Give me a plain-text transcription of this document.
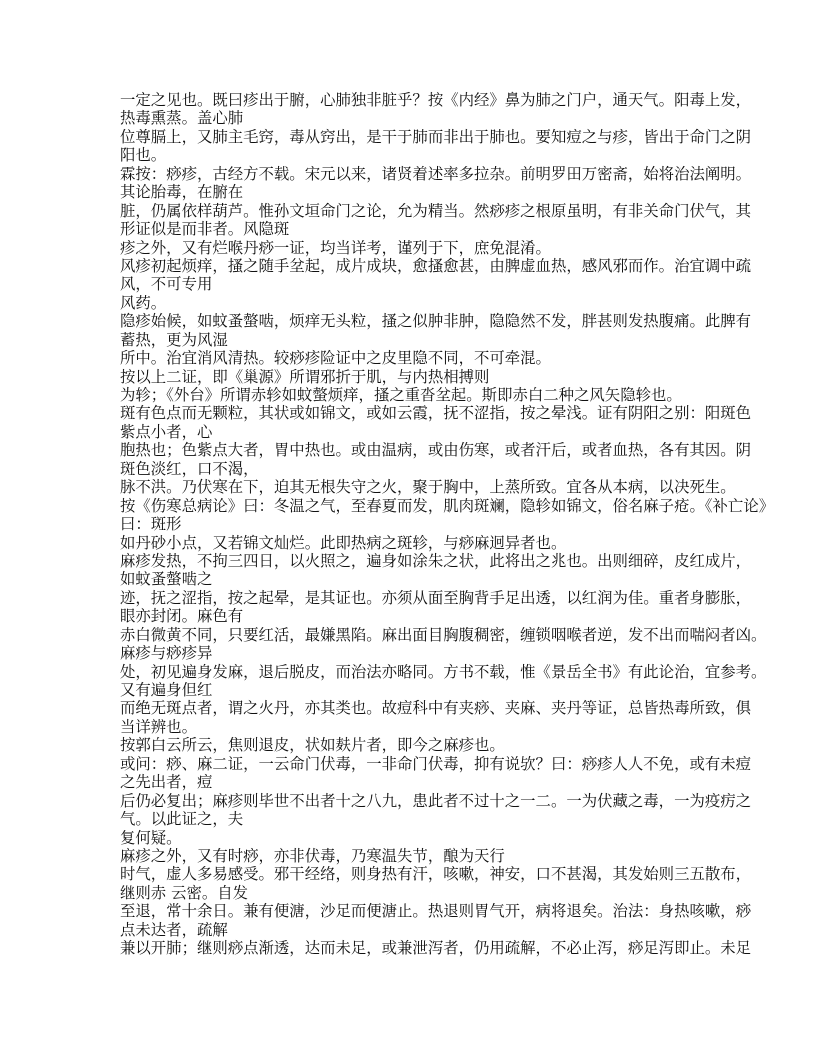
一定之见也。既曰疹出于腑，心肺独非脏乎？按《内经》鼻为肺之门户，通天气。阳毒上发，
热毒熏蒸。盖心肺
位尊膈上，又肺主毛窍，毒从窍出，是干于肺而非出于肺也。要知痘之与疹，皆出于命门之阴
阳也。
霖按：痧疹，古经方不载。宋元以来，诸贤着述率多拉杂。前明罗田万密斋，始将治法阐明。
其论胎毒，在腑在
脏，仍属依样葫芦。惟孙文垣命门之论，允为精当。然痧疹之根原虽明，有非关命门伏气，其
形证似是而非者。风隐斑
疹之外，又有烂喉丹痧一证，均当详考，谨列于下，庶免混淆。
风疹初起烦痒，搔之随手坌起，成片成块，愈搔愈甚，由脾虚血热，感风邪而作。治宜调中疏
风，不可专用
风药。
隐疹始候，如蚊蚤螫啮，烦痒无头粒，搔之似肿非肿，隐隐然不发，胖甚则发热腹痛。此脾有
蓄热，更为风湿
所中。治宜消风清热。较痧疹险证中之皮里隐不同，不可牵混。
按以上二证，即《巢源》所谓邪折于肌，与内热相搏则
为轸；《外台》所谓赤轸如蚊螫烦痒，搔之重沓坌起。斯即赤白二种之风矢隐轸也。
斑有色点而无颗粒，其状或如锦文，或如云霞，抚不涩指，按之晕浅。证有阴阳之别：阳斑色
紫点小者，心
胞热也；色紫点大者，胃中热也。或由温病，或由伤寒，或者汗后，或者血热，各有其因。阴
斑色淡红，口不渴，
脉不洪。乃伏寒在下，迫其无根失守之火，聚于胸中，上蒸所致。宜各从本病，以决死生。
按《伤寒总病论》曰：冬温之气，至春夏而发，肌肉斑斓，隐轸如锦文，俗名麻子疮。《补亡论》
曰：斑形
如丹砂小点，又若锦文灿烂。此即热病之斑轸，与痧麻迥异者也。
麻疹发热，不拘三四日，以火照之，遍身如涂朱之状，此将出之兆也。出则细碎，皮红成片，
如蚊蚤螫啮之
迹，抚之涩指，按之起晕，是其证也。亦须从面至胸背手足出透，以红润为佳。重者身膨胀，
眼亦封闭。麻色有
赤白微黄不同，只要红活，最嫌黑陷。麻出面目胸腹稠密，缠锁咽喉者逆，发不出而喘闷者凶。
麻疹与痧疹异
处，初见遍身发麻，退后脱皮，而治法亦略同。方书不载，惟《景岳全书》有此论治，宜参考。
又有遍身但红
而绝无斑点者，谓之火丹，亦其类也。故痘科中有夹痧、夹麻、夹丹等证，总皆热毒所致，俱
当详辨也。
按郭白云所云，焦则退皮，状如麸片者，即今之麻疹也。
或问：痧、麻二证，一云命门伏毒，一非命门伏毒，抑有说欤？曰：痧疹人人不免，或有未痘
之先出者，痘
后仍必复出；麻疹则毕世不出者十之八九，患此者不过十之一二。一为伏藏之毒，一为疫疠之
气。以此证之，夫
复何疑。
麻疹之外，又有时痧，亦非伏毒，乃寒温失节，酿为天行
时气，虚人多易感受。邪干经络，则身热有汗，咳嗽，神安，口不甚渴，其发始则三五散布，
继则赤 云密。自发
至退，常十余日。兼有便溏，沙足而便溏止。热退则胃气开，病将退矣。治法：身热咳嗽，痧
点未达者，疏解
兼以开肺；继则痧点渐透，达而未足，或兼泄泻者，仍用疏解，不必止泻，痧足泻即止。未足
